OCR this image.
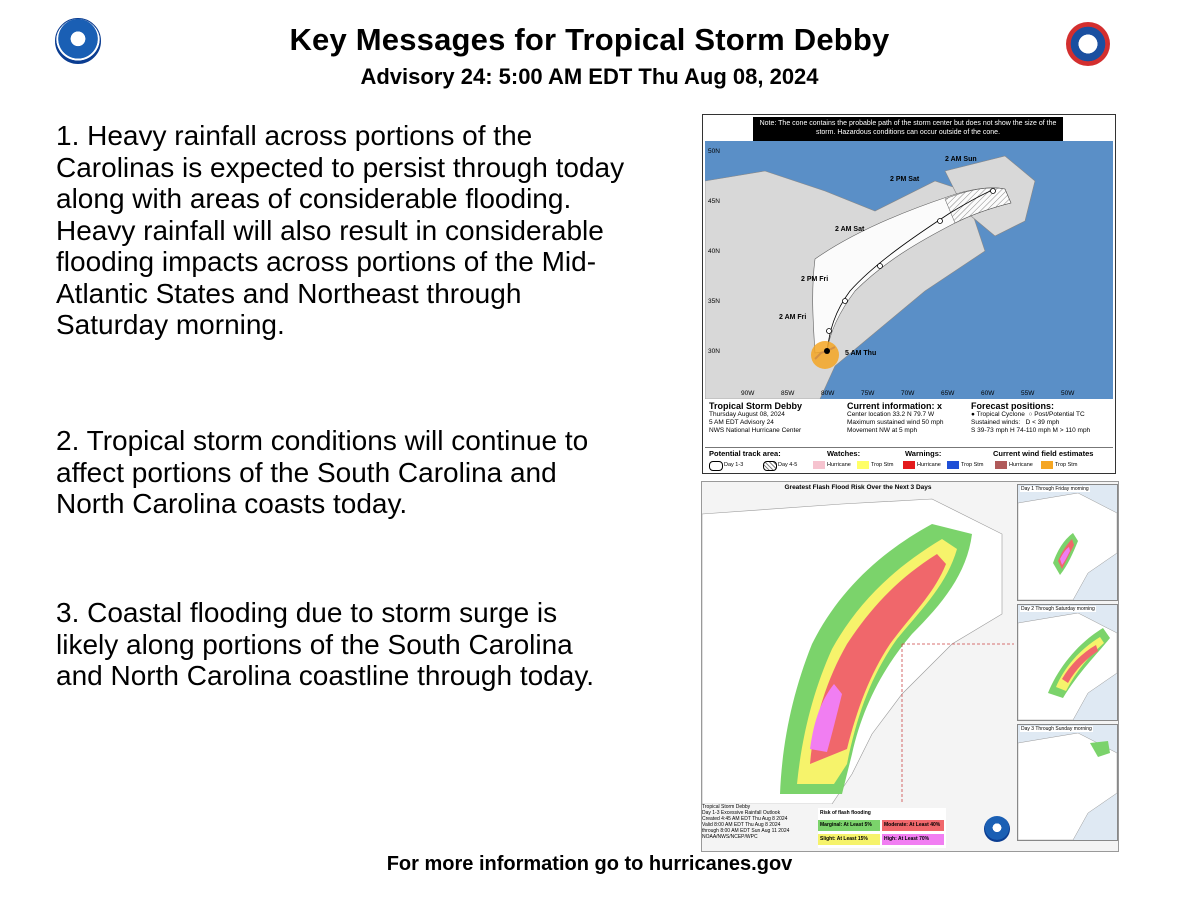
Key Messages for Tropical Storm Debby
Advisory 24: 5:00 AM EDT Thu Aug 08, 2024
1. Heavy rainfall across portions of the Carolinas is expected to persist through today along with areas of considerable flooding. Heavy rainfall will also result in considerable flooding impacts across portions of the Mid-Atlantic States and Northeast through Saturday morning.
2. Tropical storm conditions will continue to affect portions of the South Carolina and North Carolina coasts today.
3. Coastal flooding due to storm surge is likely along portions of the South Carolina and North Carolina coastline through today.
2 AM Sun
2 PM Sat
2 AM Sat
2 PM Fri
2 AM Fri
5 AM Thu
50N
45N
40N
35N
30N
90W	85W	80W	75W	70W	65W	60W	55W	50W
Note: The cone contains the probable path of the storm center but does not show the size of the storm. Hazardous conditions can occur outside of the cone.
Tropical Storm Debby
Thursday August 08, 2024
5 AM EDT Advisory 24
NWS National Hurricane Center
Current information: x
Center location 33.2 N 79.7 W
Maximum sustained wind 50 mph
Movement NW at 5 mph
Forecast positions:
● Tropical Cyclone ○ Post/Potential TC
Sustained winds: D < 39 mph
S 39-73 mph H 74-110 mph M > 110 mph
Potential track area:	Watches:	Warnings:	Current wind field estimates
Day 1-3	Day 4-5	Hurricane	Trop Stm	Hurricane	Trop Stm	Hurricane	Trop Stm
Greatest Flash Flood Risk Over the Next 3 Days	Day 1 Through Friday morning
Day 2 Through Saturday morning
Day 3 Through Sunday morning
Tropical Storm Debby
Day 1-3 Excessive Rainfall Outlook
Created 4:45 AM EDT Thu Aug 8 2024
Valid 8:00 AM EDT Thu Aug 8 2024
through 8:00 AM EDT Sun Aug 11 2024
NOAA/NWS/NCEP/WPC
Risk of flash flooding
Marginal: At Least 5%	Moderate: At Least 40%
Slight: At Least 15%	High: At Least 70%
For more information go to hurricanes.gov
